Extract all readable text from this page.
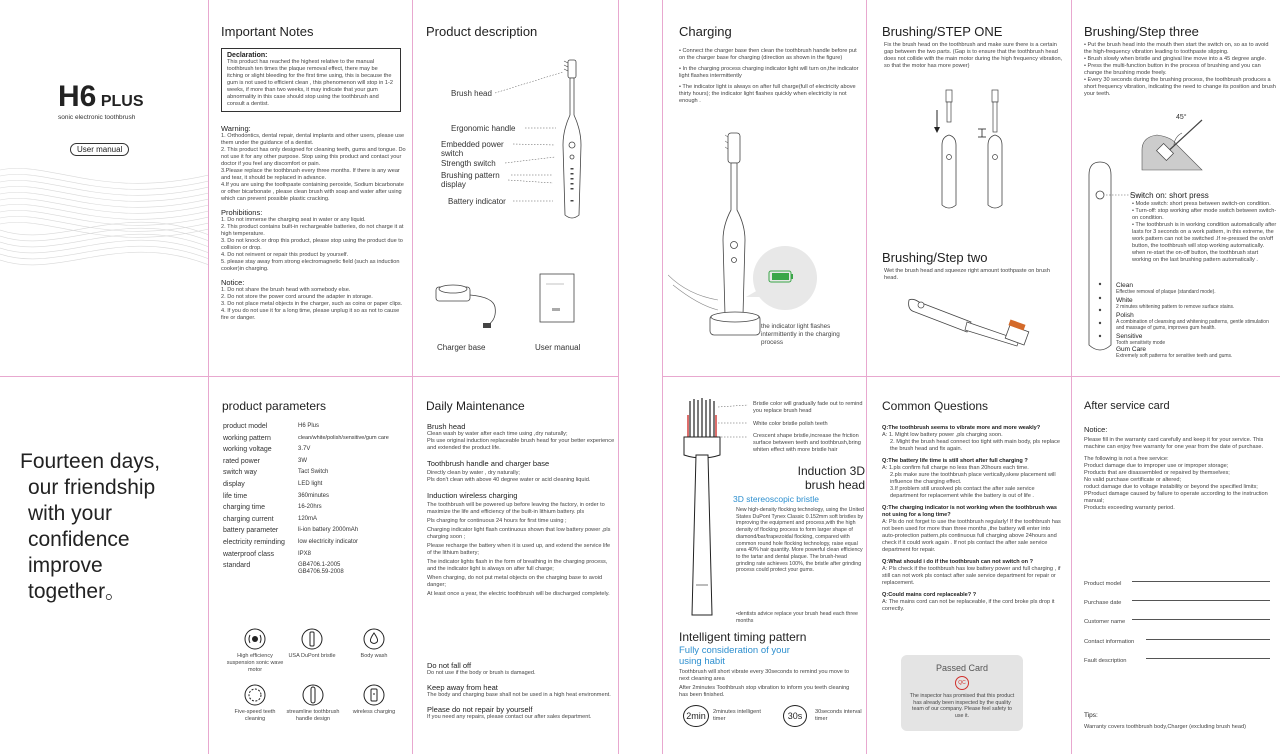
H6 PLUS
sonic electronic toothbrush
User manual
Important Notes
Declaration:
This product has reached the highest relative to the manual toothbrush ten times the plaque removal effect, there may be itching or slight bleeding for the first time using, this is because the gum is not used to efficient clean , this phenomenon will stop in 1-2 weeks, if more than two weeks, it may indicate that your gum abnormality in this case should stop using the toothbrush and consult a dentist.
Warning:
1. Orthodontics, dental repair, dental implants and other users, please use them under the guidance of a dentist.
2. This product has only designed for cleaning teeth, gums and tongue. Do not use it for any other purpose. Stop using this product and contact your doctor if you feel any discomfort or pain.
3.Please replace the toothbrush every three months. If there is any wear and tear, it should be replaced in advance.
4.If you are using the toothpaste containing peroxide, Sodium bicarbonate or other bicarbonate , please clean brush with soap and water after using which can prevent possible plastic cracking.
Prohibitions:
1. Do not immerse the charging seat in water or any liquid.
2. This product contains built-in rechargeable batteries, do not charge it at high temperature.
3. Do not knock or drop this product, please stop using the product due to collision or drop.
4. Do not reinvent or repair this product by yourself.
5. please stay away from strong electromagnetic field (such as induction cooker)in charging.
Notice:
1. Do not share the brush head with somebody else.
2. Do not store the power cord around the adapter in storage.
3. Do not place metal objects in the charger, such as coins or paper clips.
4. If you do not use it for a long time, please unplug it so as not to cause fire or danger.
Product description
Brush head
Ergonomic handle
Embedded power switch
Strength switch
Brushing pattern display
Battery indicator
Charger base	User manual
Charging
• Connect the charger base then clean the toothbrush handle before put on the charger base for charging (direction as shown in the figure)
• In the charging process charging indicator light will turn on,the indicator light flashes intermittently
• The indicator light is always on after full charge(full of electricity above thirty hours); the indicator light flashes quickly when electricity is not enough .
the indicator light flashes intermittently in the charging process
Brushing/STEP ONE
Fix the brush head on the toothbrush and make sure there is a certain gap between the two parts. (Gap is to ensure that the toothbrush head does not collide with the main motor during the high frequency vibration, so that the motor has more power)
Brushing/Step two
Wet the brush head and squeeze right amount toothpaste on brush head.
Brushing/Step three
• Put the brush head into the mouth then start the switch on, so as to avoid the high-frequency vibration leading to toothpaste slipping.
• Brush slowly when bristle and gingival line move into a 45 degree angle.
• Press the multi-function button in the process of brushing and you can change the brushing mode freely.
• Every 30 seconds during the brushing process, the toothbrush produces a short frequency vibration, indicating the need to change its position and brush your teeth.
45°
Switch on: short press
• Mode switch: short press between switch-on condition.
• Turn-off: stop working after mode switch between switch-on condition.
• The toothbrush is in working condition automatically after lasts for 3 seconds on a work pattern, in this extreme, the work pattern can not be switched .If re-pressed the on/off button, the toothbrush will stop working automatically. when re-start the on-off button, the toothbrush start working on the last brushing pattern automatically .
Clean
Effective removal of plaque (standard mode).
White
2 minutes whitening pattern to remove surface stains.
Polish
A combination of cleansing and whitening patterns, gentle stimulation and massage of gums, improves gum health.
Sensitive
Tooth sensitivity mode
Gum Care
Extremely soft patterns for sensitive teeth and gums.
Fourteen days,
our friendship
with your
confidence
improve
together。
product parameters
product model	H6 Plus
working pattern	clean/white/polish/sensitive/gum care
working voltage	3.7V
rated power	3W
switch way	Tact Switch
display	LED light
life time	360minutes
charging time	16-20hrs
charging current	120mA
battery parameter	li-ion battery 2000mAh
electricity reminding	low electricity indicator
waterproof class	IPX8
standard	GB4706.1-2005
GB4706.59-2008
High efficiency suspension sonic wave motor
USA DuPont bristle	Body wash
Five-speed teeth cleaning
streamline toothbrush handle design
wireless charging
Daily Maintenance
Brush head
Clean wash by water after each time using ,dry naturally;
Pls use original induction replaceable brush head for your better experience and extended the product life.
Toothbrush handle and charger base
Directly clean by water , dry naturally;
Pls don't clean with above 40 degree water or acid cleaning liquid.
Induction wireless charging
The toothbrush will be powered up before leaving the factory, in order to maximize the life and efficiency of the built-in lithium battery. pls
Pls charging for continuous 24 hours for first time using ;
Charging indicator light flash continuous shown that low battery power ,pls charging soon ;
Please recharge the battery when it is used up, and extend the service life of the lithium battery;
The indicator lights flash in the form of breathing in the charging process, and the indicator light is always on after full charge;
When charging, do not put metal objects on the charging base to avoid danger;
At least once a year, the electric toothbrush will be discharged completely.
Do not fall off
Do not use if the body or brush is damaged.
Keep away from heat
The body and charging base shall not be used in a high heat environment.
Please do not repair by yourself
If you need any repairs, please contact our after sales department.
Bristle color will gradually fade out to remind you replace brush head
White color bristle polish teeth
Crescent shape bristle,increase the friction surface between teeth and toothbrush,bring whiten effect with more bristle hair
Induction 3D
brush head
3D stereoscopic bristle
New high-density flocking technology, using the United States DuPont Tynex Classic 0.152mm soft bristles by improving the equipment and process,with the high density of flocking process to form larger shape of diamond/bar/trapezoidal flocking, compared with common round hole flocking technology, raise equal area 40% hair quantity. More powerful clean efficiency to the tartar and dental plaque. The brush-head grinding rate achieves 100%, the bristle after grinding process could protect your gums.
•dentists advice replace your brush head each three months
Intelligent timing pattern
Fully consideration of your
using habit
Toothbrush will short vibrate every 30seconds to remind you move to next cleaning area
After 2minutes Toothbrush stop vibration to inform you teeth cleaning has been finished.
2min	2minutes intelligent timer	30s	30seconds interval timer
Common Questions
Q:The toothbrush seems to vibrate more and more weakly?
A: 1. Might low battery power ,pls charging soon.
2. Might the brush head connect too tight with main body, pls replace the brush head and fix again.
Q:The battery life time is still short after full charging ?
A: 1.pls confirm full charge no less than 20hours each time.
2.pls make sure the toothbrush place vertically,skew placement will influence the charging effect.
3.If problem still unsolved pls contact the after sale service department for replacement while the battery is out of life .
Q:The charging indicator is not working when the toothbrush was not using for a long time?
A: Pls do not forget to use the toothbrush regularly! If the toothbrush has not been used for more than three months ,the battery will enter into auto-protection pattern,pls continuous full charging above 24hours and check if it could work again . If not pls contact the after sale service department for repair.
Q:What should i do if the toothbrush can not switch on ?
A: Pls check if the toothbrush has low battery power and full charging , if still can not work pls contact after sale service department for repair or replacement.
Q:Could mains cord replaceable? ?
A: The mains cord can not be replaceable, if the cord broke pls drop it correctly.
Passed Card
QC
The inspector has promised that this product has already been inspected by the quality team of our company. Please feel safety to use it.
After service card
Notice:
Please fill in the warranty card carefully and keep it for your service. This machine can enjoy free warranty for one year from the date of purchase.
The following is not a free service:
Product damage due to improper use or improper storage;
Products that are disassembled or repaired by themselves;
No valid purchase certificate or altered;
roduct damage due to voltage instability or beyond the specified limits;
PProduct damage caused by failure to operate according to the instruction manual;
Products exceeding warranty period.
Product model
Purchase date
Customer name
Contact information
Fault description
Tips:
Warranty covers toothbrush body,Charger (excluding brush head)
